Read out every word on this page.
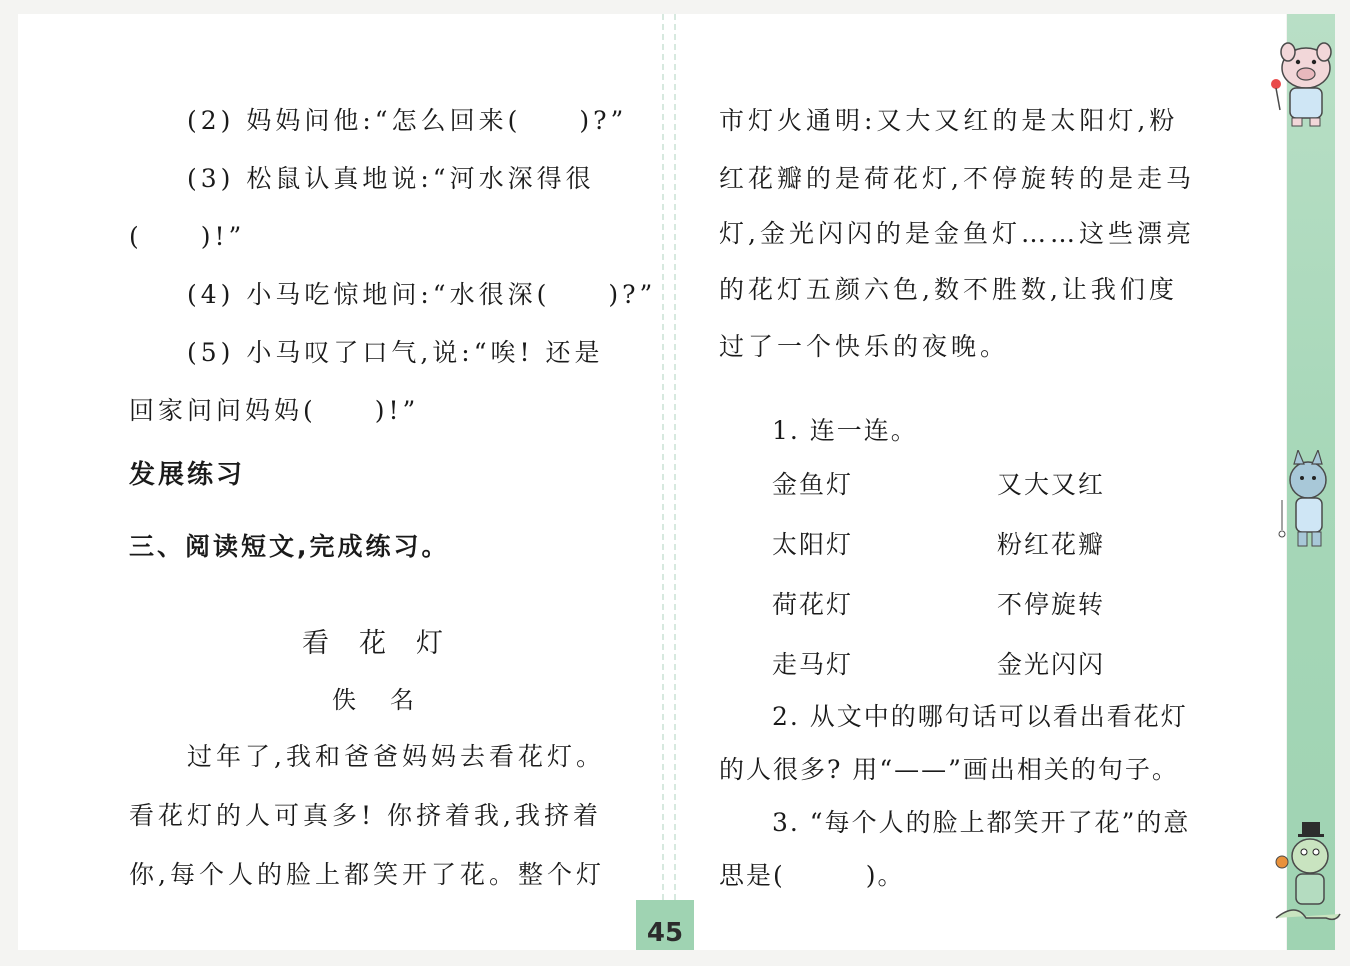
(2) 妈妈问他:“怎么回来(　　)?”
(3) 松鼠认真地说:“河水深得很
(　　)!”
(4) 小马吃惊地问:“水很深(　　)?”
(5) 小马叹了口气,说:“唉! 还是
回家问问妈妈(　　)!”
发展练习
三、阅读短文,完成练习。
看花灯
佚名
过年了,我和爸爸妈妈去看花灯。
看花灯的人可真多! 你挤着我,我挤着
你,每个人的脸上都笑开了花。整个灯
市灯火通明:又大又红的是太阳灯,粉
红花瓣的是荷花灯,不停旋转的是走马
灯,金光闪闪的是金鱼灯……这些漂亮
的花灯五颜六色,数不胜数,让我们度
过了一个快乐的夜晚。
1. 连一连。
金鱼灯
太阳灯
荷花灯
走马灯
又大又红
粉红花瓣
不停旋转
金光闪闪
2. 从文中的哪句话可以看出看花灯
的人很多? 用“——”画出相关的句子。
3. “每个人的脸上都笑开了花”的意
思是(　　　)。
45
